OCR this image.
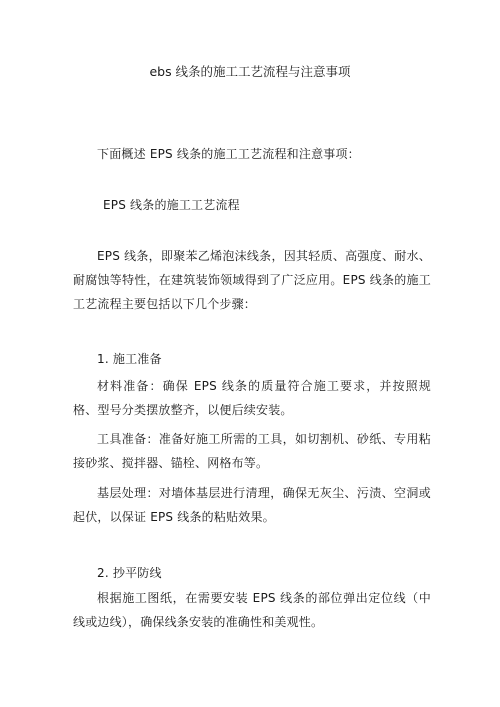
ebs 线条的施工工艺流程与注意事项
下面概述 EPS 线条的施工工艺流程和注意事项：
EPS 线条的施工工艺流程
EPS 线条，即聚苯乙烯泡沫线条，因其轻质、高强度、耐水、耐腐蚀等特性，在建筑装饰领域得到了广泛应用。EPS 线条的施工工艺流程主要包括以下几个步骤：
1. 施工准备
材料准备：确保 EPS 线条的质量符合施工要求，并按照规格、型号分类摆放整齐，以便后续安装。
工具准备：准备好施工所需的工具，如切割机、砂纸、专用粘接砂浆、搅拌器、锚栓、网格布等。
基层处理：对墙体基层进行清理，确保无灰尘、污渍、空洞或起伏，以保证 EPS 线条的粘贴效果。
2. 抄平防线
根据施工图纸，在需要安装 EPS 线条的部位弹出定位线（中线或边线），确保线条安装的准确性和美观性。
